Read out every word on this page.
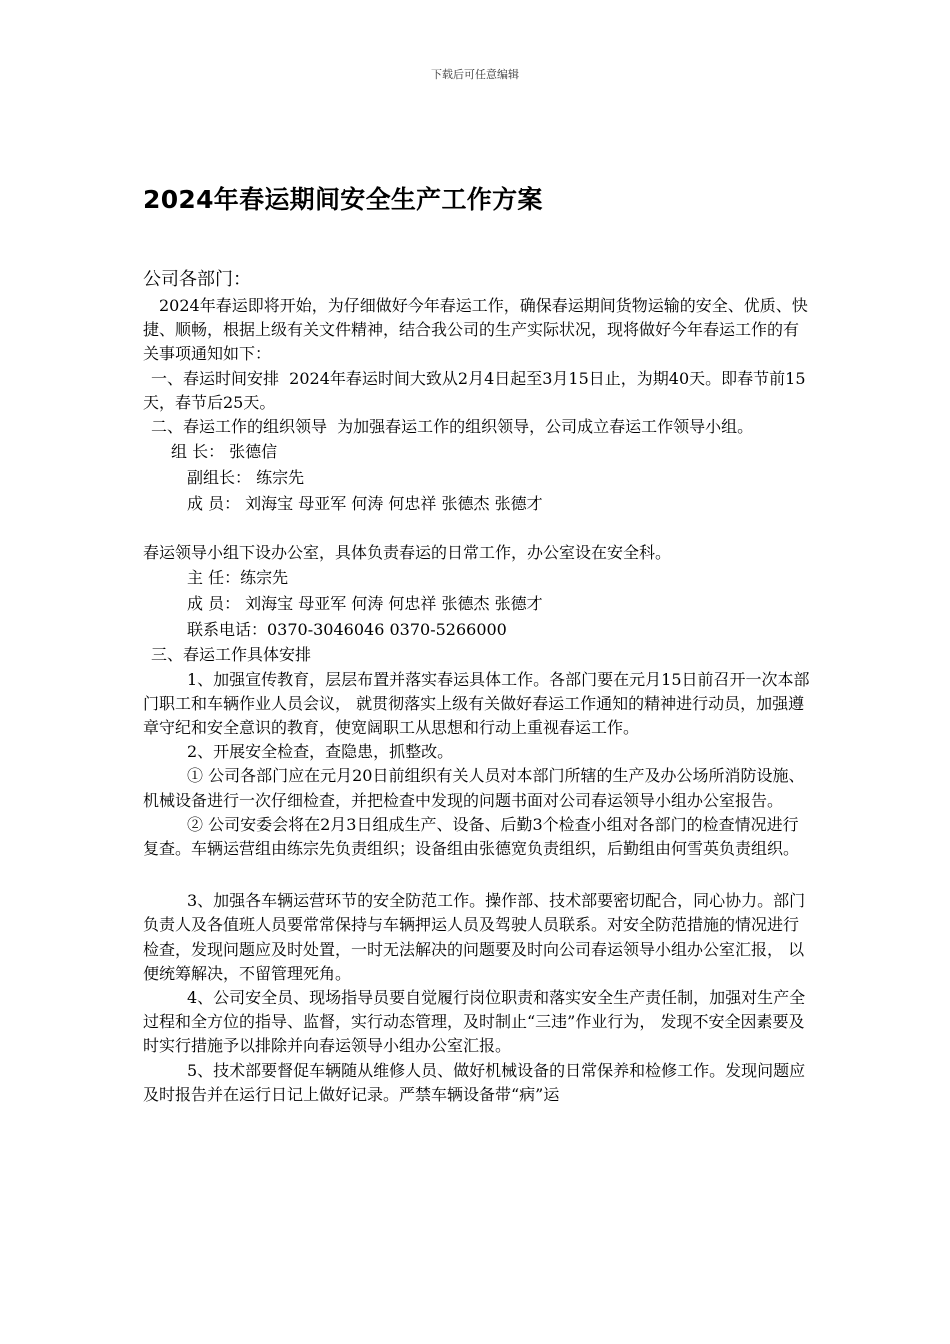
下载后可任意编辑
2024年春运期间安全生产工作方案
公司各部门：
2024年春运即将开始，为仔细做好今年春运工作，确保春运期间货物运输的安全、优质、快捷、顺畅，根据上级有关文件精神，结合我公司的生产实际状况，现将做好今年春运工作的有关事项通知如下：
一、春运时间安排  2024年春运时间大致从2月4日起至3月15日止，为期40天。即春节前15天，春节后25天。
二、春运工作的组织领导  为加强春运工作的组织领导，公司成立春运工作领导小组。
组 长： 张德信
副组长： 练宗先
成 员： 刘海宝 母亚军 何涛 何忠祥 张德杰 张德才
春运领导小组下设办公室，具体负责春运的日常工作，办公室设在安全科。
主 任：练宗先
成 员： 刘海宝 母亚军 何涛 何忠祥 张德杰 张德才
联系电话：0370-3046046 0370-5266000
三、春运工作具体安排
1、加强宣传教育，层层布置并落实春运具体工作。各部门要在元月15日前召开一次本部门职工和车辆作业人员会议， 就贯彻落实上级有关做好春运工作通知的精神进行动员，加强遵章守纪和安全意识的教育，使宽阔职工从思想和行动上重视春运工作。
2、开展安全检查，查隐患，抓整改。
① 公司各部门应在元月20日前组织有关人员对本部门所辖的生产及办公场所消防设施、机械设备进行一次仔细检查，并把检查中发现的问题书面对公司春运领导小组办公室报告。
② 公司安委会将在2月3日组成生产、设备、后勤3个检查小组对各部门的检查情况进行复查。车辆运营组由练宗先负责组织；设备组由张德宽负责组织，后勤组由何雪英负责组织。
3、加强各车辆运营环节的安全防范工作。操作部、技术部要密切配合，同心协力。部门负责人及各值班人员要常常保持与车辆押运人员及驾驶人员联系。对安全防范措施的情况进行检查，发现问题应及时处置，一时无法解决的问题要及时向公司春运领导小组办公室汇报， 以便统筹解决，不留管理死角。
4、公司安全员、现场指导员要自觉履行岗位职责和落实安全生产责任制，加强对生产全过程和全方位的指导、监督，实行动态管理，及时制止“三违”作业行为， 发现不安全因素要及时实行措施予以排除并向春运领导小组办公室汇报。
5、技术部要督促车辆随从维修人员、做好机械设备的日常保养和检修工作。发现问题应及时报告并在运行日记上做好记录。严禁车辆设备带“病”运
